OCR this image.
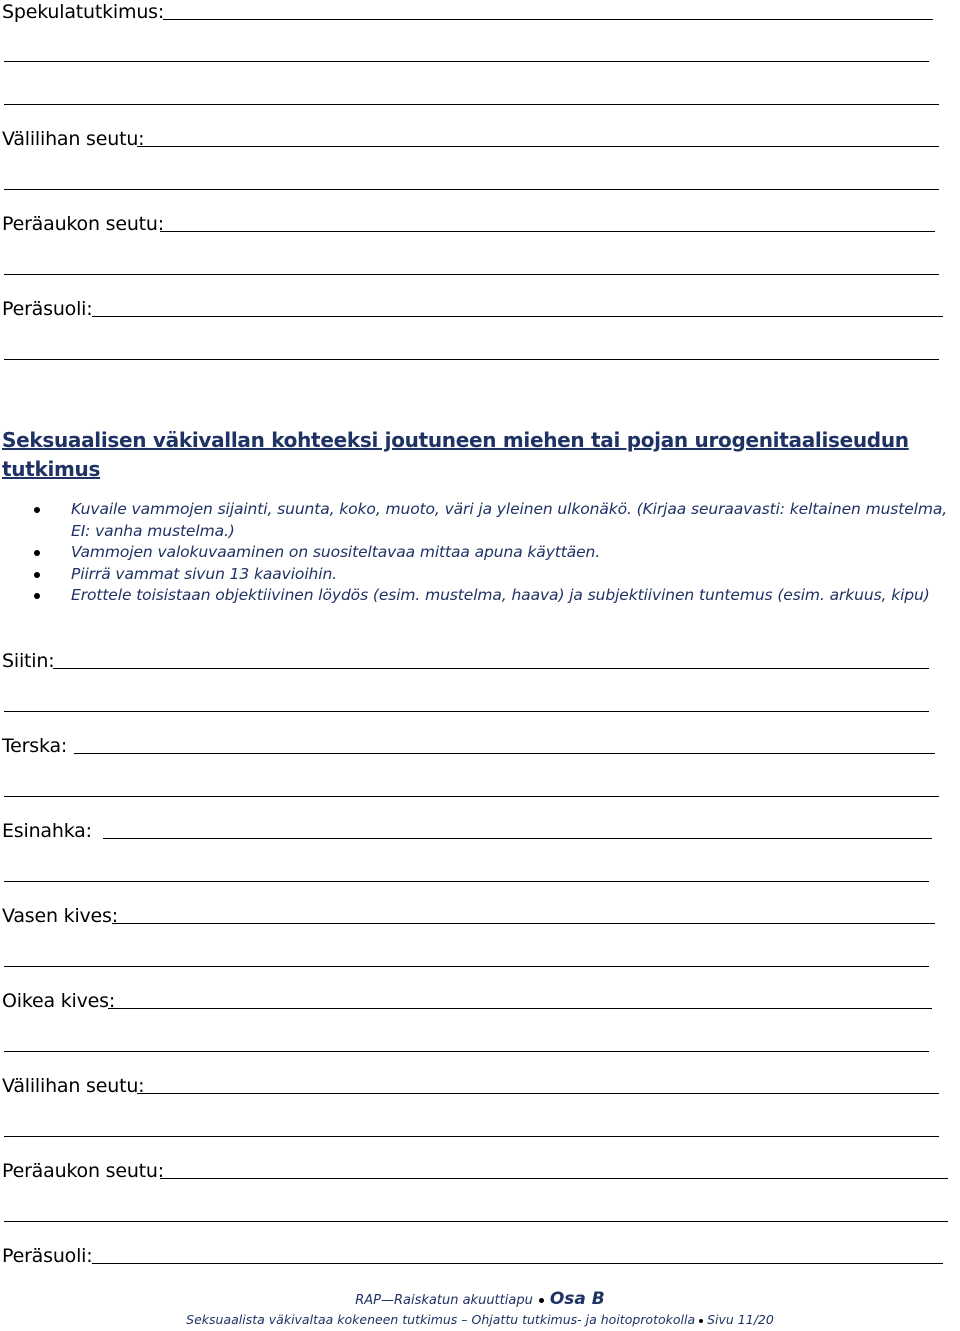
Spekulatutkimus:
Välilihan seutu:
Peräaukon seutu:
Peräsuoli:
Seksuaalisen väkivallan kohteeksi joutuneen miehen tai pojan urogenitaaliseudun tutkimus
Kuvaile vammojen sijainti, suunta, koko, muoto, väri ja yleinen ulkonäkö. (Kirjaa seuraavasti: keltainen mustelma, EI: vanha mustelma.)
Vammojen valokuvaaminen on suositeltavaa mittaa apuna käyttäen.
Piirrä vammat sivun 13 kaavioihin.
Erottele toisistaan objektiivinen löydös (esim. mustelma, haava) ja subjektiivinen tuntemus (esim. arkuus, kipu)
Siitin:
Terska:
Esinahka:
Vasen kives:
Oikea kives:
Välilihan seutu:
Peräaukon seutu:
Peräsuoli:
RAP—Raiskatun akuuttiapu Osa B
Seksuaalista väkivaltaa kokeneen tutkimus – Ohjattu tutkimus- ja hoitoprotokolla Sivu 11/20
